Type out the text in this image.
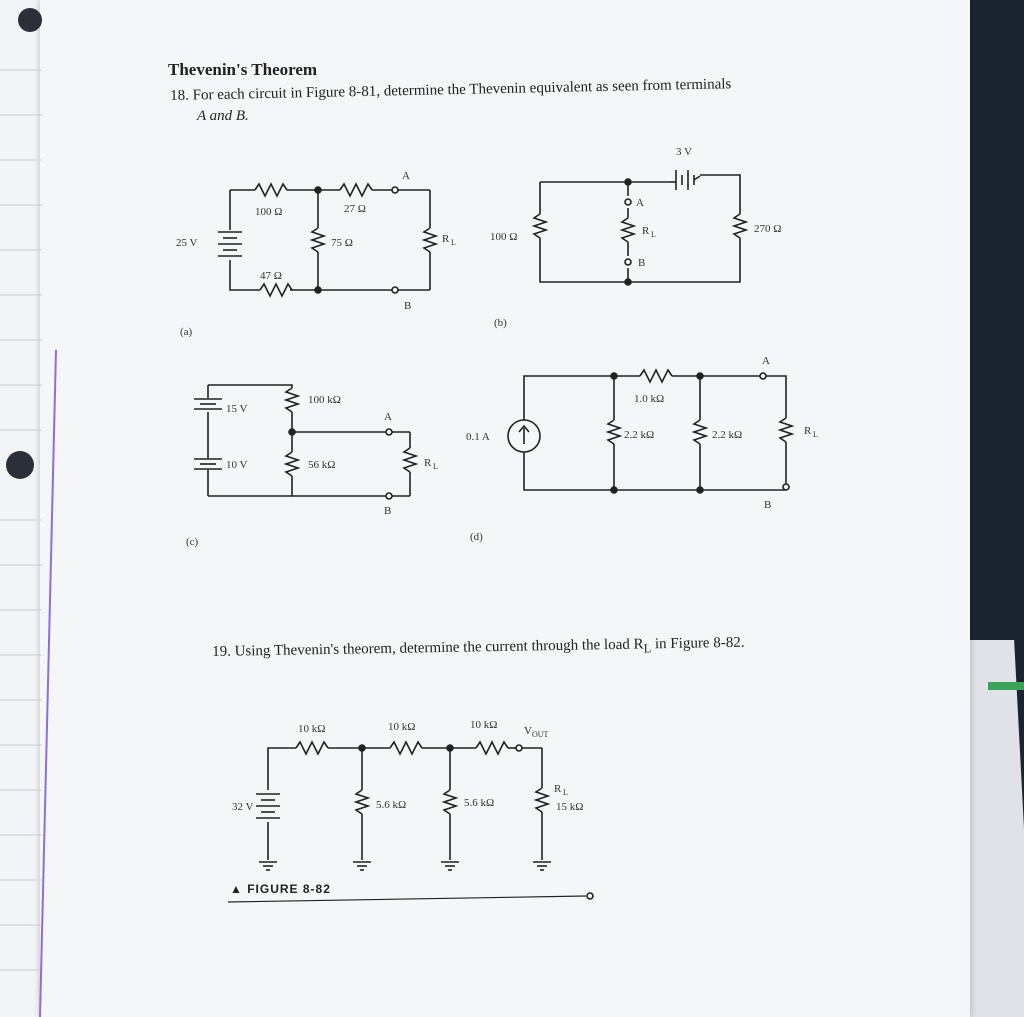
25 V
100 Ω	27 Ω
75 Ω
47 Ω
R L
A
B
(a)
3 V
100 Ω
270 Ω
R L
A
B
(b)
15 V
10 V
100 kΩ
56 kΩ	R L
A
B
(c)
0.1 A
1.0 kΩ
2.2 kΩ	2.2 kΩ	R L
A
B
(d)
32 V
10 kΩ	10 kΩ	10 kΩ
5.6 kΩ	5.6 kΩ
R L
15 kΩ
V OUT
Thevenin's Theorem
18. For each circuit in Figure 8-81, determine the Thevenin equivalent as seen from terminals
A and B.
19. Using Thevenin's theorem, determine the current through the load $R_L$ in Figure 8-82.
▲ FIGURE 8-82
